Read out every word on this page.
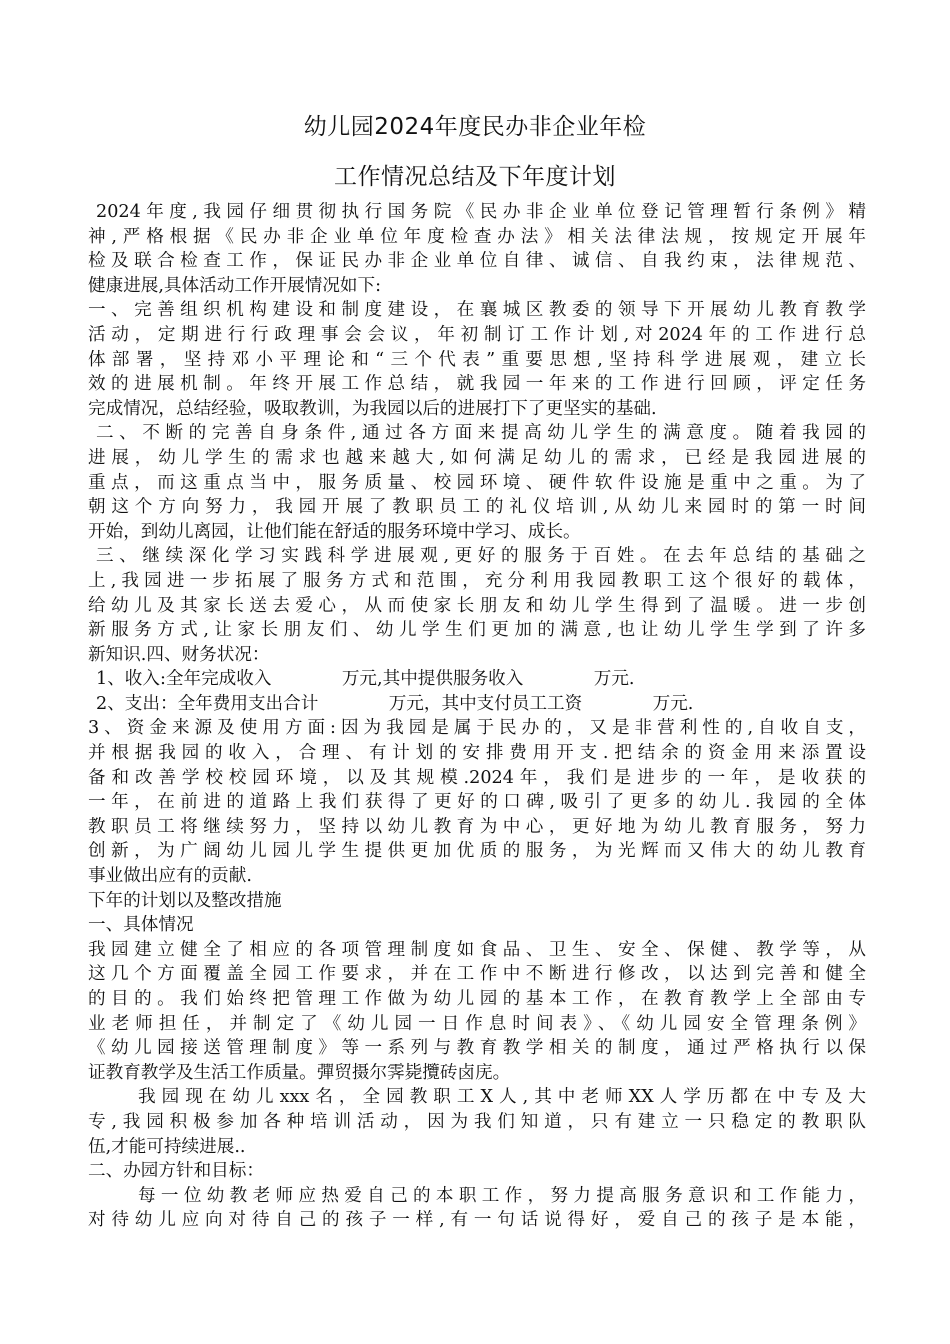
幼儿园2024年度民办非企业年检
工作情况总结及下年度计划
2024年度,我园仔细贯彻执行国务院《民办非企业单位登记管理暂行条例》精
神,严格根据《民办非企业单位年度检查办法》相关法律法规，按规定开展年
检及联合检查工作，保证民办非企业单位自律、诚信、自我约束，法律规范、
健康进展,具体活动工作开展情况如下:
一、完善组织机构建设和制度建设，在襄城区教委的领导下开展幼儿教育教学
活动，定期进行行政理事会会议，年初制订工作计划,对2024年的工作进行总
体部署，坚持邓小平理论和“三个代表”重要思想,坚持科学进展观，建立长
效的进展机制。年终开展工作总结，就我园一年来的工作进行回顾，评定任务
完成情况，总结经验，吸取教训，为我园以后的进展打下了更坚实的基础.
二、不断的完善自身条件,通过各方面来提高幼儿学生的满意度。随着我园的
进展，幼儿学生的需求也越来越大,如何满足幼儿的需求，已经是我园进展的
重点，而这重点当中，服务质量、校园环境、硬件软件设施是重中之重。为了
朝这个方向努力，我园开展了教职员工的礼仪培训,从幼儿来园时的第一时间
开始，到幼儿离园，让他们能在舒适的服务环境中学习、成长。
三、继续深化学习实践科学进展观,更好的服务于百姓。在去年总结的基础之
上,我园进一步拓展了服务方式和范围，充分利用我园教职工这个很好的载体，
给幼儿及其家长送去爱心，从而使家长朋友和幼儿学生得到了温暖。进一步创
新服务方式,让家长朋友们、幼儿学生们更加的满意,也让幼儿学生学到了许多
新知识.四、财务状况：
1、收入:全年完成收入　　　　万元,其中提供服务收入　　　　万元.
2、支出：全年费用支出合计　　　　万元，其中支付员工工资　　　　万元.
3、资金来源及使用方面:因为我园是属于民办的，又是非营利性的,自收自支，
并根据我园的收入，合理、有计划的安排费用开支.把结余的资金用来添置设
备和改善学校校园环境，以及其规模.2024年，我们是进步的一年，是收获的
一年，在前进的道路上我们获得了更好的口碑,吸引了更多的幼儿.我园的全体
教职员工将继续努力，坚持以幼儿教育为中心，更好地为幼儿教育服务，努力
创新，为广阔幼儿园儿学生提供更加优质的服务，为光辉而又伟大的幼儿教育
事业做出应有的贡献.
下年的计划以及整改措施
一、具体情况
我园建立健全了相应的各项管理制度如食品、卫生、安全、保健、教学等，从
这几个方面覆盖全园工作要求，并在工作中不断进行修改，以达到完善和健全
的目的。我们始终把管理工作做为幼儿园的基本工作，在教育教学上全部由专
业老师担任，并制定了《幼儿园一日作息时间表》、《幼儿园安全管理条例》
《幼儿园接送管理制度》等一系列与教育教学相关的制度，通过严格执行以保
证教育教学及生活工作质量。彈贸摄尔霁毙攬砖卤庑。
我园现在幼儿xxx名，全园教职工X人,其中老师XX人学历都在中专及大
专,我园积极参加各种培训活动，因为我们知道，只有建立一只稳定的教职队
伍,才能可持续进展..
二、办园方针和目标：
每一位幼教老师应热爱自己的本职工作，努力提高服务意识和工作能力，
对待幼儿应向对待自己的孩子一样,有一句话说得好，爱自己的孩子是本能，
